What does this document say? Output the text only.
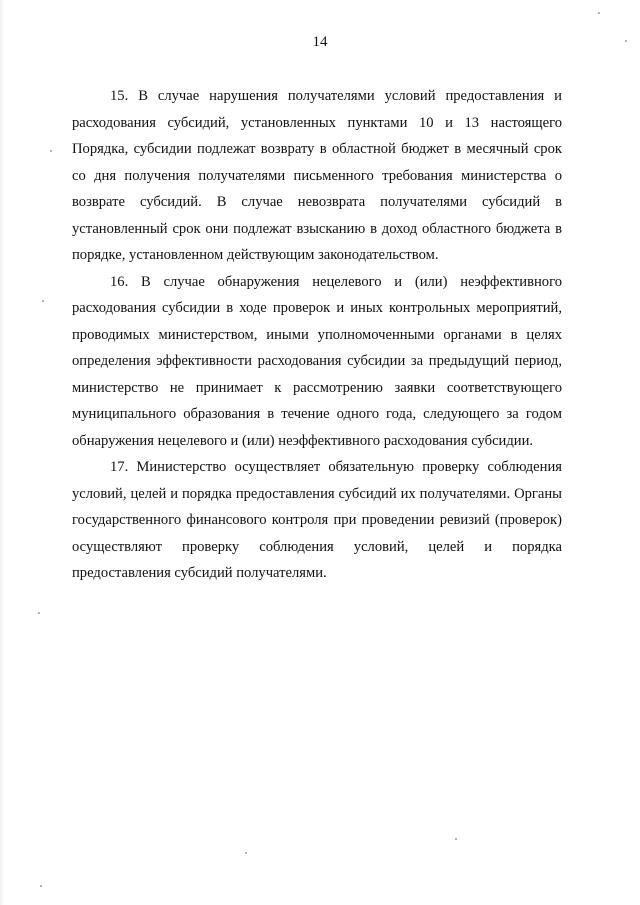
14

15. В случае нарушения получателями условий предоставления и расходования субсидий, установленных пунктами 10 и 13 настоящего Порядка, субсидии подлежат возврату в областной бюджет в месячный срок со дня получения получателями письменного требования министерства о возврате субсидий. В случае невозврата получателями субсидий в установленный срок они подлежат взысканию в доход областного бюджета в порядке, установленном действующим законодательством.

16. В случае обнаружения нецелевого и (или) неэффективного расходования субсидии в ходе проверок и иных контрольных мероприятий, проводимых министерством, иными уполномоченными органами в целях определения эффективности расходования субсидии за предыдущий период, министерство не принимает к рассмотрению заявки соответствующего муниципального образования в течение одного года, следующего за годом обнаружения нецелевого и (или) неэффективного расходования субсидии.

17. Министерство осуществляет обязательную проверку соблюдения условий, целей и порядка предоставления субсидий их получателями. Органы государственного финансового контроля при проведении ревизий (проверок) осуществляют проверку соблюдения условий, целей и порядка предоставления субсидий получателями.
